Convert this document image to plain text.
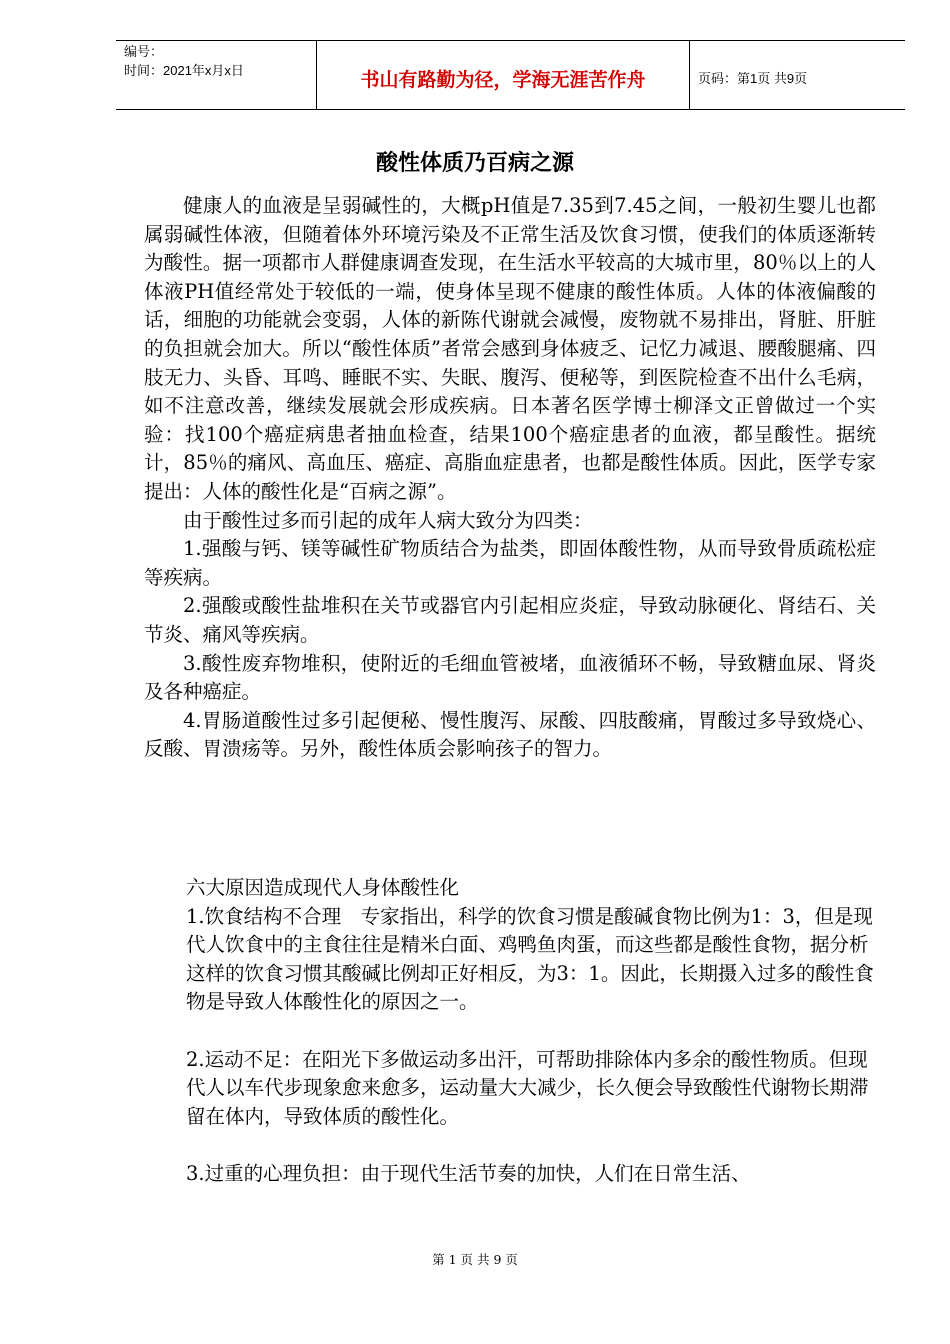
编号：
时间：2021年x月x日	书山有路勤为径，学海无涯苦作舟	页码：第1页 共9页
酸性体质乃百病之源

健康人的血液是呈弱碱性的，大概pH值是7.35到7.45之间，一般初生婴儿也都属弱碱性体液，但随着体外环境污染及不正常生活及饮食习惯，使我们的体质逐渐转为酸性。据一项都市人群健康调查发现，在生活水平较高的大城市里，80％以上的人体液PH值经常处于较低的一端，使身体呈现不健康的酸性体质。人体的体液偏酸的话，细胞的功能就会变弱，人体的新陈代谢就会减慢，废物就不易排出，肾脏、肝脏的负担就会加大。所以“酸性体质”者常会感到身体疲乏、记忆力减退、腰酸腿痛、四肢无力、头昏、耳鸣、睡眠不实、失眠、腹泻、便秘等，到医院检查不出什么毛病，如不注意改善，继续发展就会形成疾病。日本著名医学博士柳泽文正曾做过一个实验：找100个癌症病患者抽血检查，结果100个癌症患者的血液，都呈酸性。据统计，85％的痛风、高血压、癌症、高脂血症患者，也都是酸性体质。因此，医学专家提出：人体的酸性化是“百病之源”。

由于酸性过多而引起的成年人病大致分为四类：

1.强酸与钙、镁等碱性矿物质结合为盐类，即固体酸性物，从而导致骨质疏松症等疾病。

2.强酸或酸性盐堆积在关节或器官内引起相应炎症，导致动脉硬化、肾结石、关节炎、痛风等疾病。

3.酸性废弃物堆积，使附近的毛细血管被堵，血液循环不畅，导致糖血尿、肾炎及各种癌症。

4.胃肠道酸性过多引起便秘、慢性腹泻、尿酸、四肢酸痛，胃酸过多导致烧心、反酸、胃溃疡等。另外，酸性体质会影响孩子的智力。

六大原因造成现代人身体酸性化

1.饮食结构不合理　专家指出，科学的饮食习惯是酸碱食物比例为1：3，但是现代人饮食中的主食往往是精米白面、鸡鸭鱼肉蛋，而这些都是酸性食物，据分析这样的饮食习惯其酸碱比例却正好相反，为3：1。因此，长期摄入过多的酸性食物是导致人体酸性化的原因之一。

2.运动不足：在阳光下多做运动多出汗，可帮助排除体内多余的酸性物质。但现代人以车代步现象愈来愈多，运动量大大减少，长久便会导致酸性代谢物长期滞留在体内，导致体质的酸性化。

3.过重的心理负担：由于现代生活节奏的加快，人们在日常生活、

第 1 页 共 9 页
